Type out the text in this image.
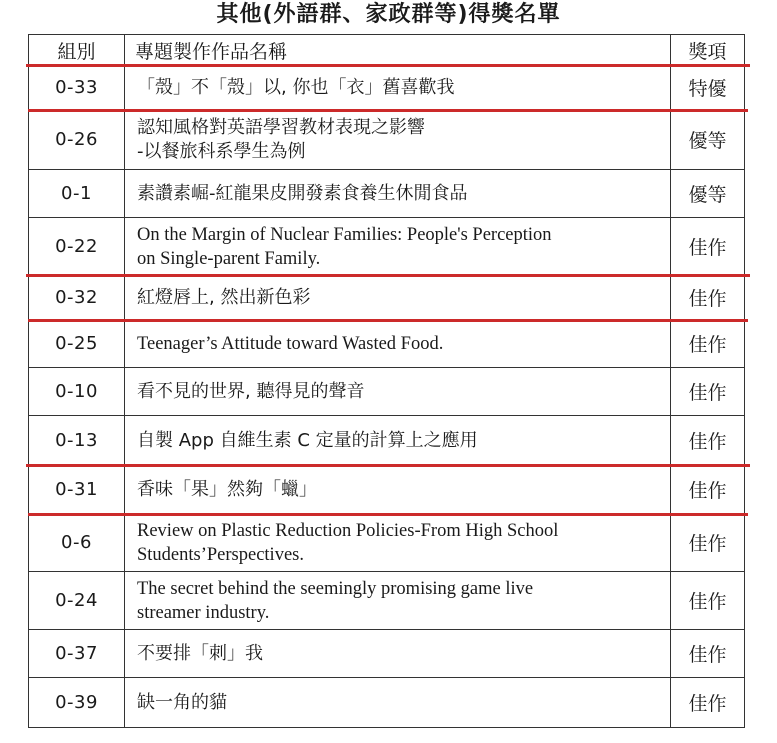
其他(外語群、家政群等)得獎名單
組別	專題製作作品名稱	獎項
0-33	「殼」不「殼」以, 你也「衣」舊喜歡我	特優
0-26	認知風格對英語學習教材表現之影響
-以餐旅科系學生為例	優等
0-1	素讚素崛-紅龍果皮開發素食養生休閒食品	優等
0-22	On the Margin of Nuclear Families: People's Perception
on Single-parent Family.	佳作
0-32	紅燈唇上, 然出新色彩	佳作
0-25	Teenager’s Attitude toward Wasted Food.	佳作
0-10	看不見的世界, 聽得見的聲音	佳作
0-13	自製 App 自維生素 C 定量的計算上之應用	佳作
0-31	香味「果」然夠「蠟」	佳作
0-6	Review on Plastic Reduction Policies-From High School
Students’Perspectives.	佳作
0-24	The secret behind the seemingly promising game live
streamer industry.	佳作
0-37	不要排「刺」我	佳作
0-39	缺一角的貓	佳作
